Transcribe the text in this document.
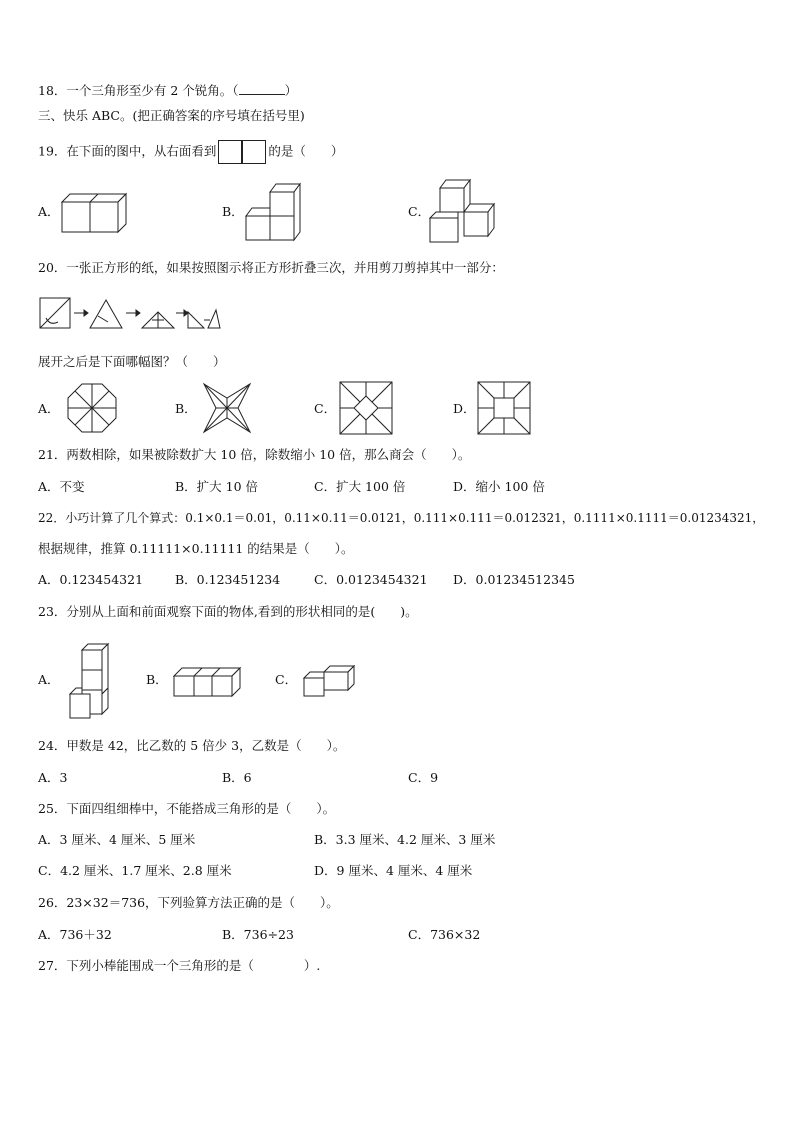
18．一个三角形至少有 2 个锐角。（	）
三、快乐 ABC。(把正确答案的序号填在括号里)
19．在下面的图中，从右面看到	的是（　　）
A．	B．	C．
20．一张正方形的纸，如果按照图示将正方形折叠三次，并用剪刀剪掉其中一部分：
展开之后是下面哪幅图？（　　）
A．	B．	C．	D．
21．两数相除，如果被除数扩大 10 倍，除数缩小 10 倍，那么商会（　　）。
A．不变	B．扩大 10 倍	C．扩大 100 倍	D．缩小 100 倍
22．小巧计算了几个算式：0.1×0.1＝0.01，0.11×0.11＝0.0121，0.111×0.111＝0.012321，0.1111×0.1111＝0.01234321，
根据规律，推算 0.11111×0.11111 的结果是（　　）。
A．0.123454321	B．0.123451234	C．0.0123454321 D．0.01234512345
23．分别从上面和前面观察下面的物体,看到的形状相同的是(　　)。
A．	B．	C．
24．甲数是 42，比乙数的 5 倍少 3，乙数是（　　）。
A．3	B．6	C．9
25．下面四组细棒中，不能搭成三角形的是（　　）。
A．3 厘米、4 厘米、5 厘米	B．3.3 厘米、4.2 厘米、3 厘米
C．4.2 厘米、1.7 厘米、2.8 厘米	D．9 厘米、4 厘米、4 厘米
26．23×32＝736，下列验算方法正确的是（　　）。
A．736＋32	B．736÷23	C．736×32
27．下列小棒能围成一个三角形的是（　　　　）.
